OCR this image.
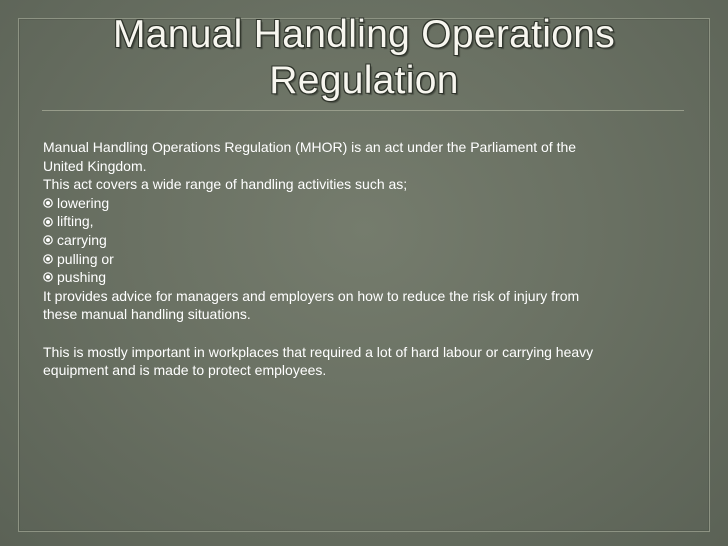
Manual Handling Operations
Regulation

Manual Handling Operations Regulation (MHOR) is an act under the Parliament of the

United Kingdom.

This act covers a wide range of handling activities such as;

lowering
lifting,
carrying
pulling or
pushing

It provides advice for managers and employers on how to reduce the risk of injury from

these manual handling situations.

This is mostly important in workplaces that required a lot of hard labour or carrying heavy

equipment and is made to protect employees.
